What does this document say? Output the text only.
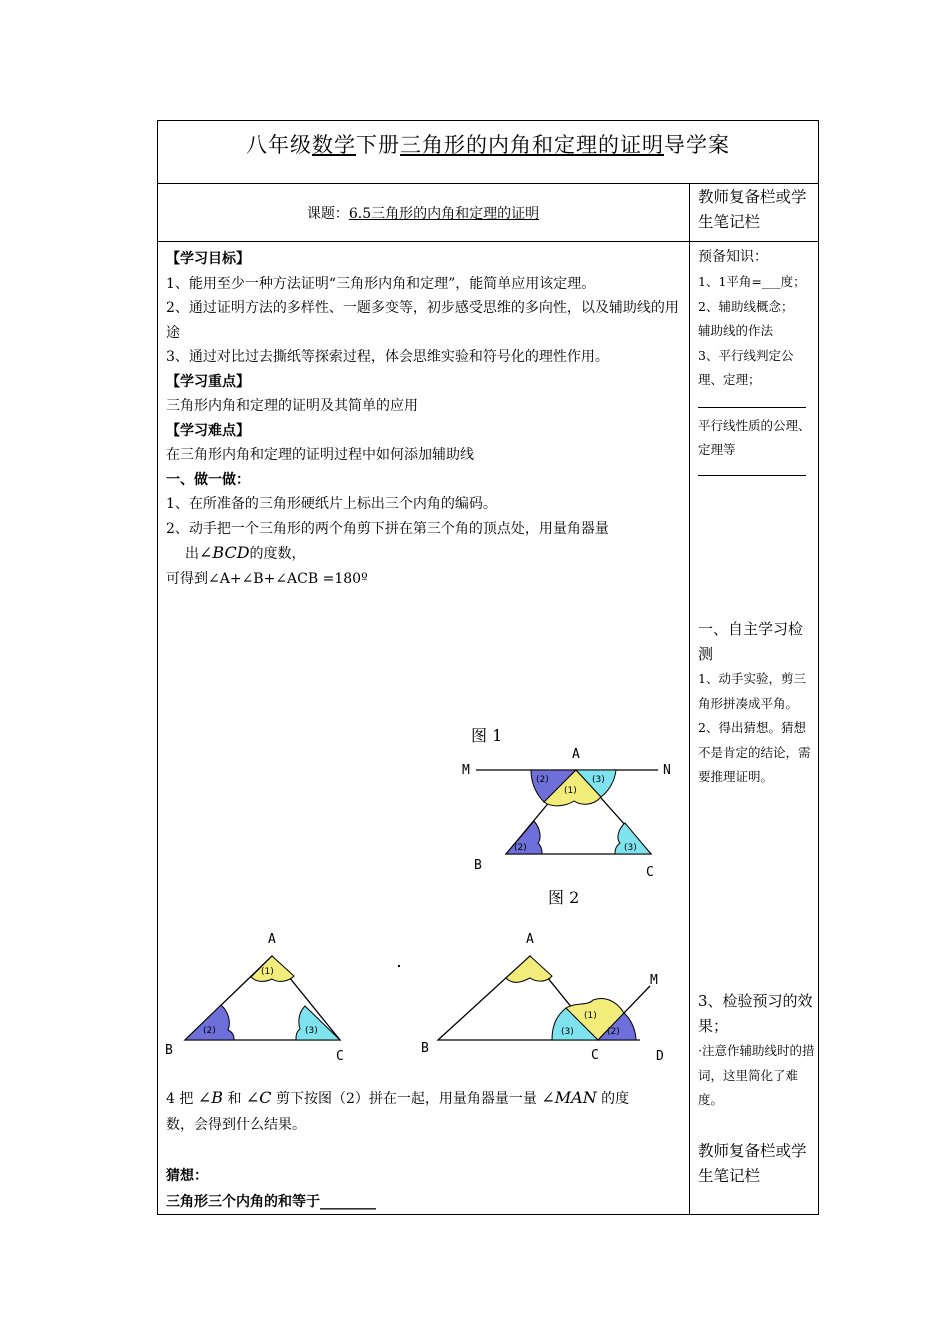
八年级数学下册三角形的内角和定理的证明导学案
课题：6.5三角形的内角和定理的证明
教师复备栏或学生笔记栏

【学习目标】

1、能用至少一种方法证明“三角形内角和定理”，能简单应用该定理。

2、通过证明方法的多样性、一题多变等，初步感受思维的多向性，以及辅助线的用途

3、通过对比过去撕纸等探索过程，体会思维实验和符号化的理性作用。

【学习重点】

三角形内角和定理的证明及其简单的应用

【学习难点】

在三角形内角和定理的证明过程中如何添加辅助线

一、做一做：

1、在所准备的三角形硬纸片上标出三个内角的编码。

2、动手把一个三角形的两个角剪下拼在第三个角的顶点处，用量角器量

出∠BCD的度数，

可得到∠A+∠B+∠ACB =180º

图 1
图 2
M
A
N
B	C
(1)
(2)	(3)
(2)	(3)
A
B	C
(1)
(2)	(3)
A
B	C	D
M
(1)
(2)
(3)
4 把 ∠B 和 ∠C 剪下按图（2）拼在一起，用量角器量一量 ∠MAN 的度
数，会得到什么结果。
猜想：
三角形三个内角的和等于________

预备知识：

1、1平角=___度；

2、辅助线概念；

辅助线的作法

3、平行线判定公理、定理；

平行线性质的公理、定理等

一、自主学习检测

1、动手实验，剪三角形拼凑成平角。

2、得出猜想。猜想不是肯定的结论，需要推理证明。

3、检验预习的效果；

·注意作辅助线时的措词，这里简化了难度。

教师复备栏或学生笔记栏
